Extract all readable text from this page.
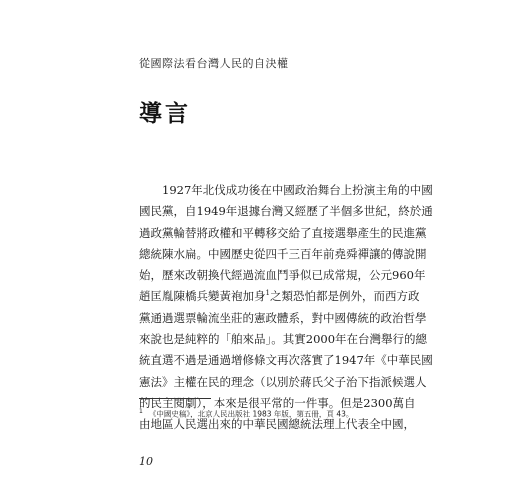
從國際法看台灣人民的自決權
導言
1927年北伐成功後在中國政治舞台上扮演主角的中國
國民黨，自1949年退據台灣又經歷了半個多世紀，終於通
過政黨輪替將政權和平轉移交給了直接選舉產生的民進黨
總統陳水扁。中國歷史從四千三百年前堯舜禪讓的傳說開
始，歷來改朝換代經過流血鬥爭似已成常規，公元960年
趙匡胤陳橋兵變黃袍加身$^1$之類恐怕都是例外，而西方政
黨通過選票輪流坐莊的憲政體系，對中國傳統的政治哲學
來說也是純粹的「舶來品」。其實2000年在台灣舉行的總
統直選不過是通過增修條文再次落實了1947年《中華民國
憲法》主權在民的理念（以別於蔣氏父子治下指派候選人
的民主閱劇），本來是很平常的一件事。但是2300萬自
由地區人民選出來的中華民國總統法理上代表全中國，
$^1$ 《中國史稿》，北京人民出版社 1983 年版，第五冊，頁 43。
10
